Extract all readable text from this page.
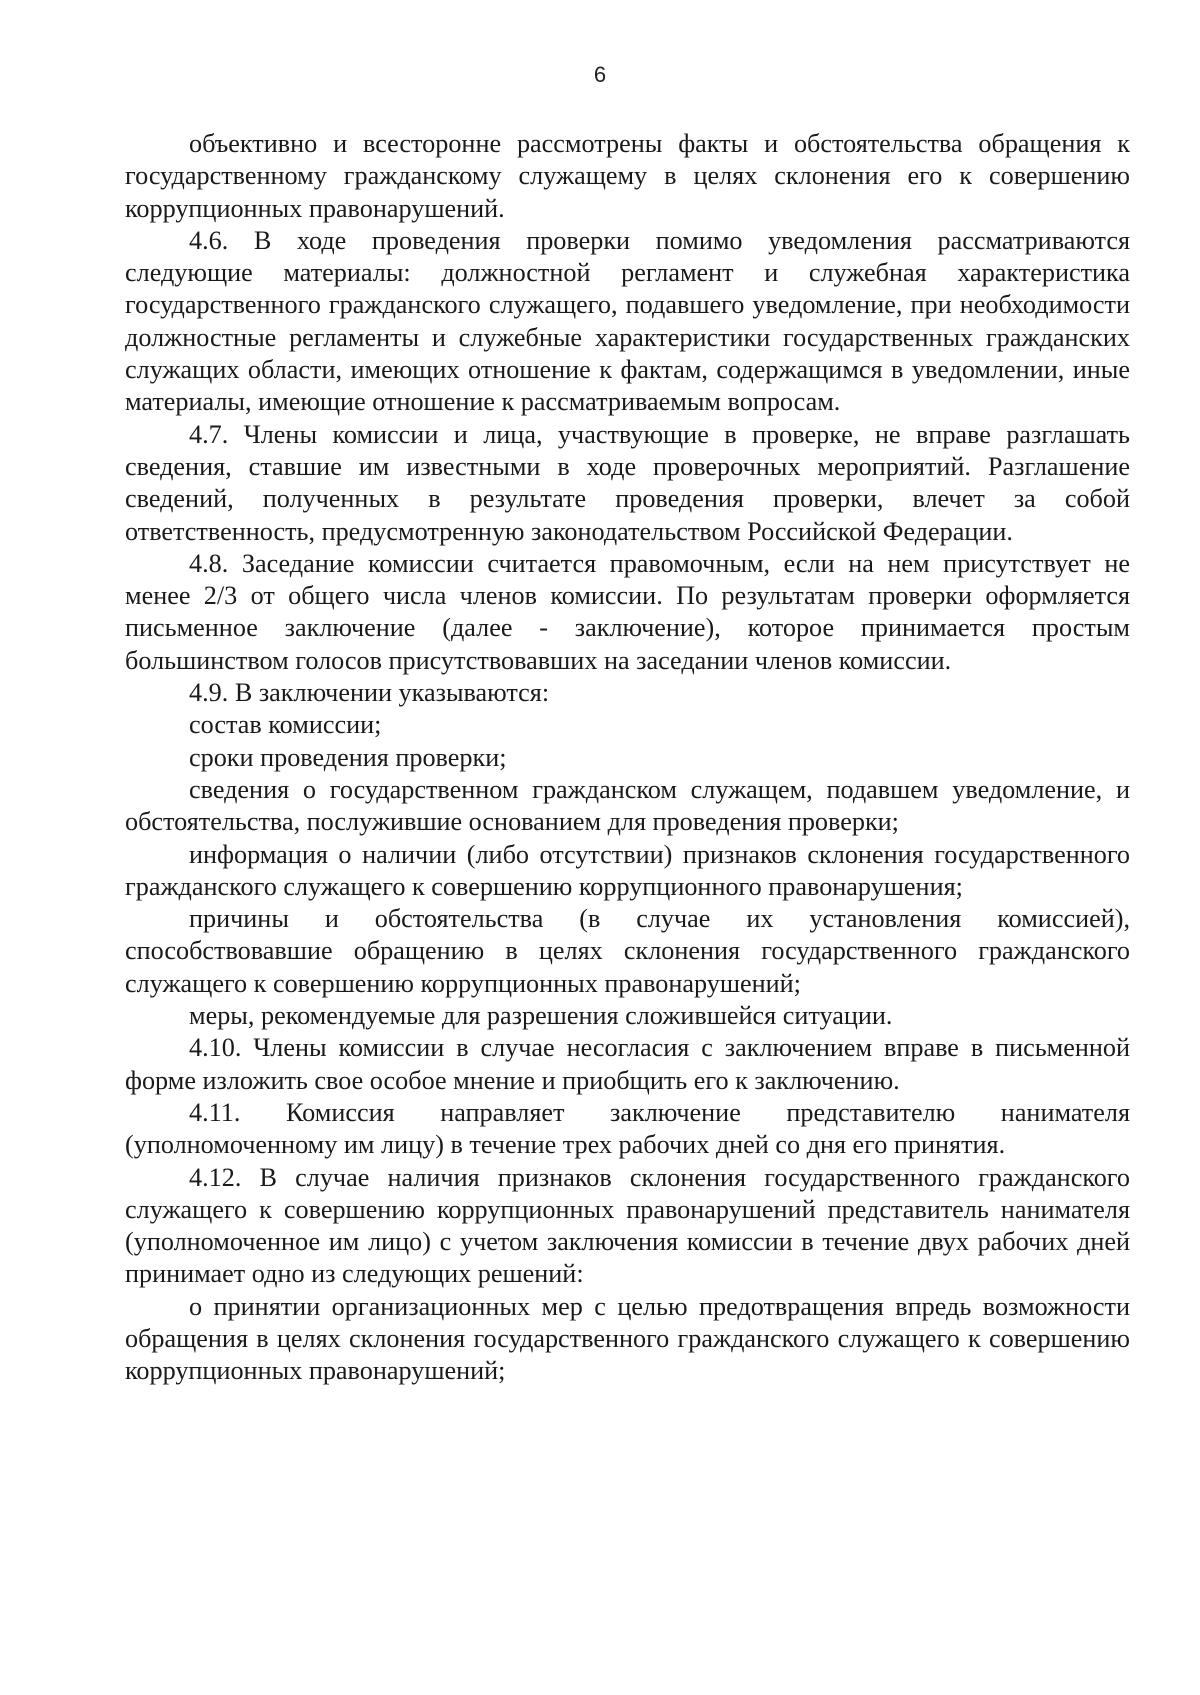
6

объективно и всесторонне рассмотрены факты и обстоятельства обращения к государственному гражданскому служащему в целях склонения его к совершению коррупционных правонарушений.

4.6. В ходе проведения проверки помимо уведомления рассматриваются следующие материалы: должностной регламент и служебная характеристика государственного гражданского служащего, подавшего уведомление, при необходимости должностные регламенты и служебные характеристики государственных гражданских служащих области, имеющих отношение к фактам, содержащимся в уведомлении, иные материалы, имеющие отношение к рассматриваемым вопросам.

4.7. Члены комиссии и лица, участвующие в проверке, не вправе разглашать сведения, ставшие им известными в ходе проверочных мероприятий. Разглашение сведений, полученных в результате проведения проверки, влечет за собой ответственность, предусмотренную законодательством Российской Федерации.

4.8. Заседание комиссии считается правомочным, если на нем присутствует не менее 2/3 от общего числа членов комиссии. По результатам проверки оформляется письменное заключение (далее - заключение), которое принимается простым большинством голосов присутствовавших на заседании членов комиссии.

4.9. В заключении указываются:

состав комиссии;

сроки проведения проверки;

сведения о государственном гражданском служащем, подавшем уведомление, и обстоятельства, послужившие основанием для проведения проверки;

информация о наличии (либо отсутствии) признаков склонения государственного гражданского служащего к совершению коррупционного правонарушения;

причины и обстоятельства (в случае их установления комиссией), способствовавшие обращению в целях склонения государственного гражданского служащего к совершению коррупционных правонарушений;

меры, рекомендуемые для разрешения сложившейся ситуации.

4.10. Члены комиссии в случае несогласия с заключением вправе в письменной форме изложить свое особое мнение и приобщить его к заключению.

4.11. Комиссия направляет заключение представителю нанимателя (уполномоченному им лицу) в течение трех рабочих дней со дня его принятия.

4.12. В случае наличия признаков склонения государственного гражданского служащего к совершению коррупционных правонарушений представитель нанимателя (уполномоченное им лицо) с учетом заключения комиссии в течение двух рабочих дней принимает одно из следующих решений:

о принятии организационных мер с целью предотвращения впредь возможности обращения в целях склонения государственного гражданского служащего к совершению коррупционных правонарушений;
